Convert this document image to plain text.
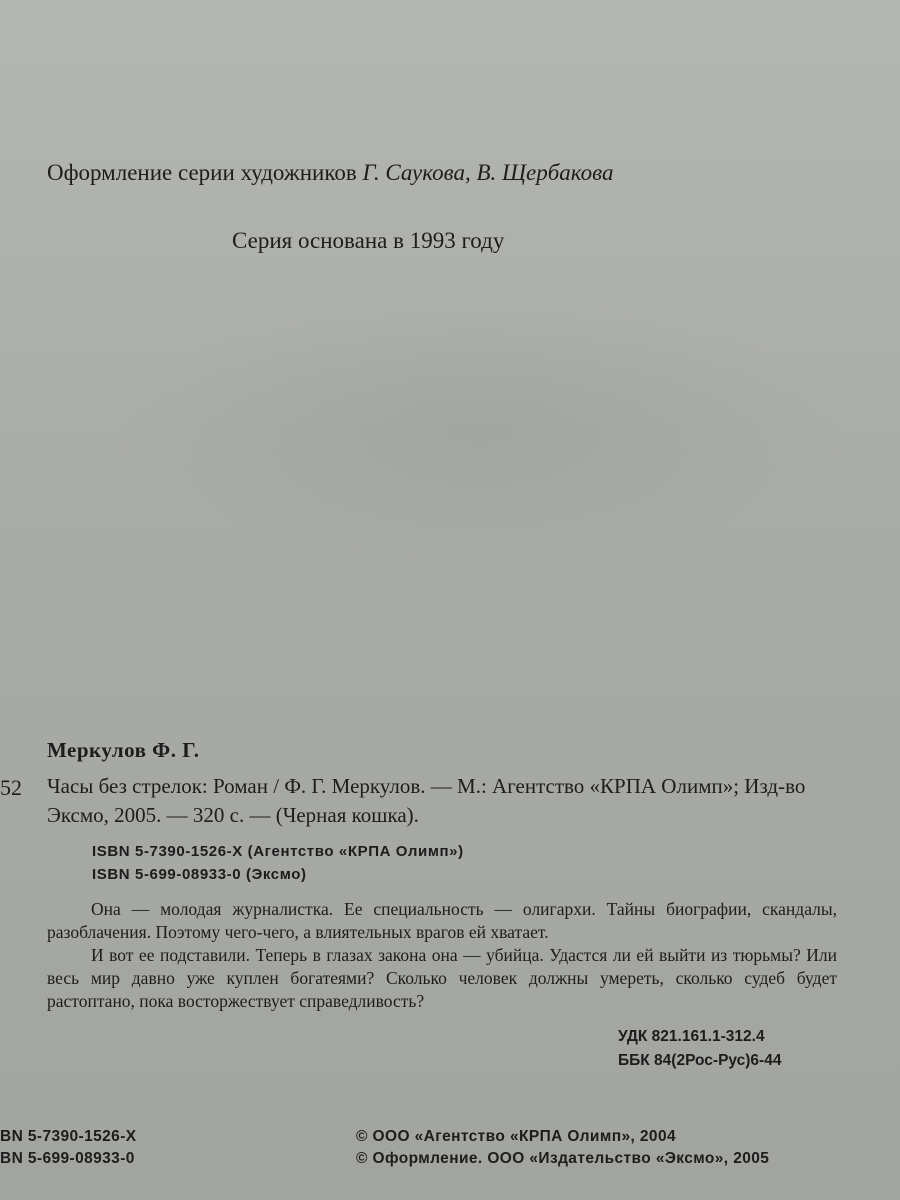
Оформление серии художников Г. Саукова, В. Щербакова
Серия основана в 1993 году
Меркулов Ф. Г.
52 Часы без стрелок: Роман / Ф. Г. Меркулов. — М.: Агентство «КРПА Олимп»; Изд-во Эксмо, 2005. — 320 с. — (Черная кошка).
ISBN 5-7390-1526-X (Агентство «КРПА Олимп»)
ISBN 5-699-08933-0 (Эксмо)

Она — молодая журналистка. Ее специальность — олигархи. Тайны биографии, скандалы, разоблачения. Поэтому чего-чего, а влиятельных врагов ей хватает.

И вот ее подставили. Теперь в глазах закона она — убийца. Удастся ли ей выйти из тюрьмы? Или весь мир давно уже куплен богатеями? Сколько человек должны умереть, сколько судеб будет растоптано, пока восторжествует справедливость?

УДК 821.161.1-312.4
ББК 84(2Рос-Рус)6-44
BN 5-7390-1526-X
BN 5-699-08933-0
© ООО «Агентство «КРПА Олимп», 2004
© Оформление. ООО «Издательство «Эксмо», 2005
